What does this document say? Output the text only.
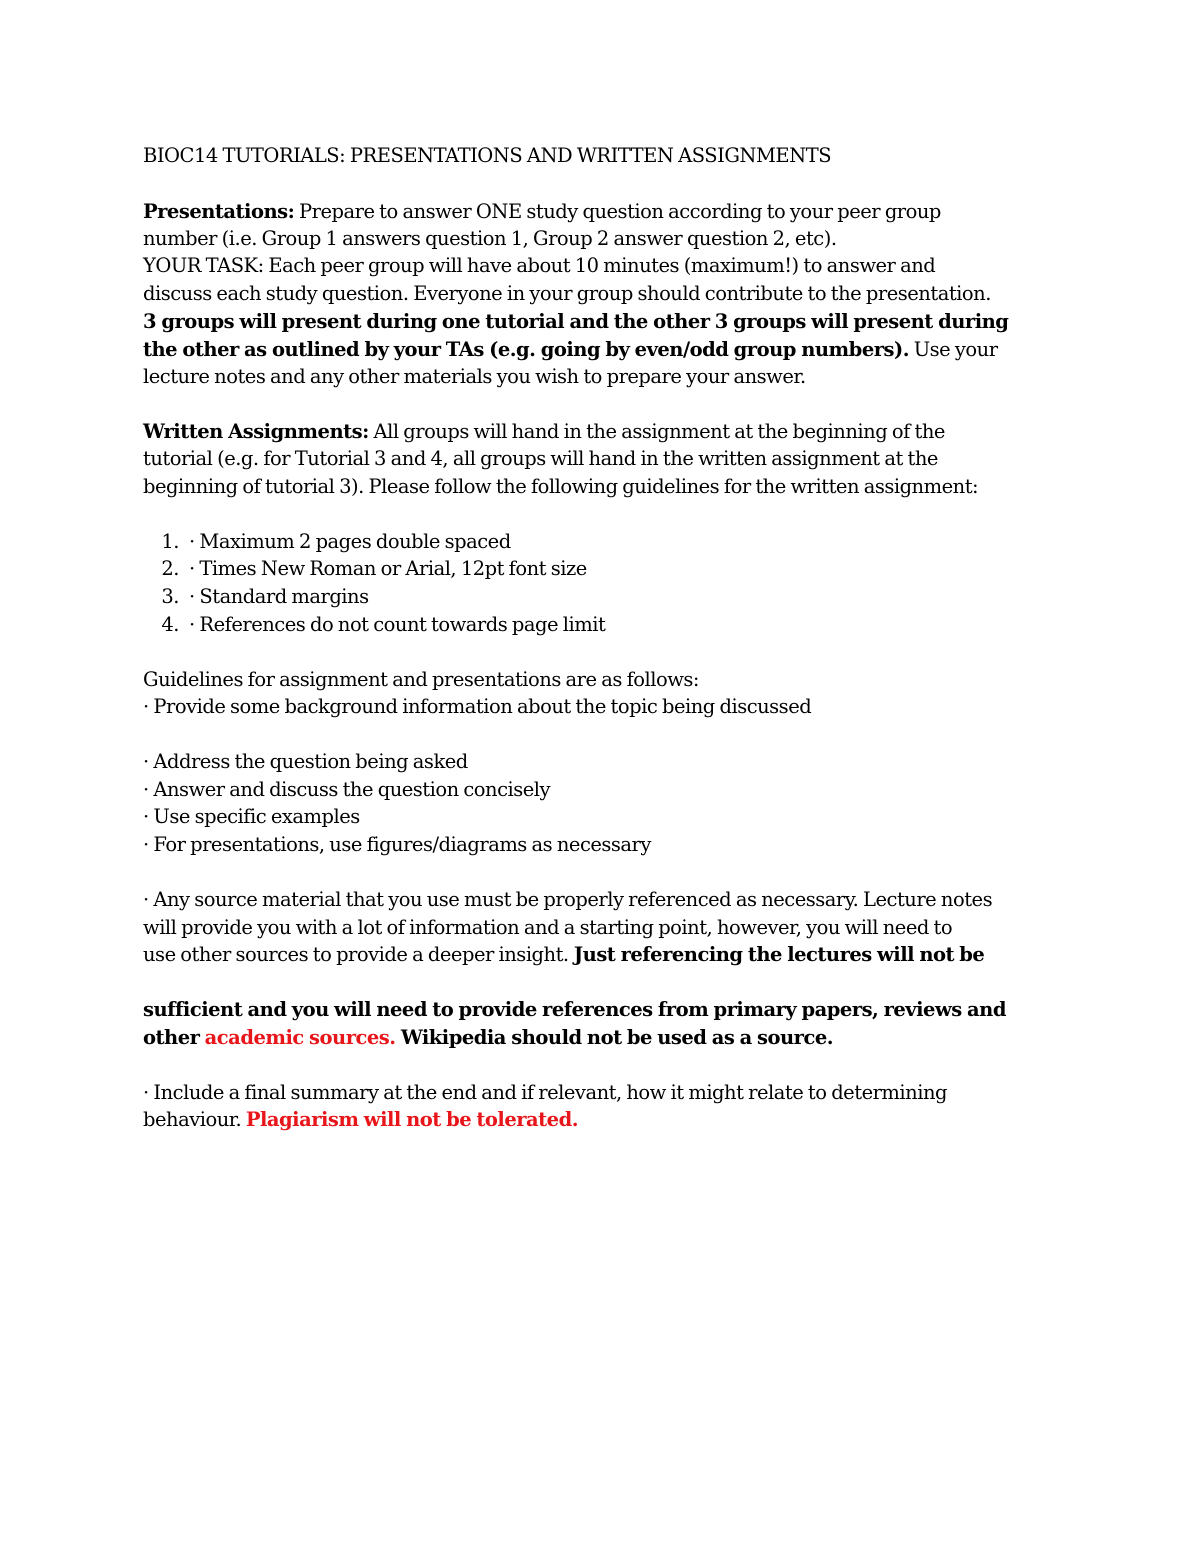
BIOC14 TUTORIALS: PRESENTATIONS AND WRITTEN ASSIGNMENTS
Presentations: Prepare to answer ONE study question according to your peer group
number (i.e. Group 1 answers question 1, Group 2 answer question 2, etc).
YOUR TASK: Each peer group will have about 10 minutes (maximum!) to answer and
discuss each study question. Everyone in your group should contribute to the presentation.
3 groups will present during one tutorial and the other 3 groups will present during
the other as outlined by your TAs (e.g. going by even/odd group numbers). Use your
lecture notes and any other materials you wish to prepare your answer.
Written Assignments: All groups will hand in the assignment at the beginning of the
tutorial (e.g. for Tutorial 3 and 4, all groups will hand in the written assignment at the
beginning of tutorial 3). Please follow the following guidelines for the written assignment:
1. · Maximum 2 pages double spaced
2. · Times New Roman or Arial, 12pt font size
3. · Standard margins
4. · References do not count towards page limit
Guidelines for assignment and presentations are as follows:
· Provide some background information about the topic being discussed
· Address the question being asked
· Answer and discuss the question concisely
· Use specific examples
· For presentations, use figures/diagrams as necessary
· Any source material that you use must be properly referenced as necessary. Lecture notes
will provide you with a lot of information and a starting point, however, you will need to
use other sources to provide a deeper insight. Just referencing the lectures will not be
sufficient and you will need to provide references from primary papers, reviews and
other academic sources. Wikipedia should not be used as a source.
· Include a final summary at the end and if relevant, how it might relate to determining
behaviour. Plagiarism will not be tolerated.
